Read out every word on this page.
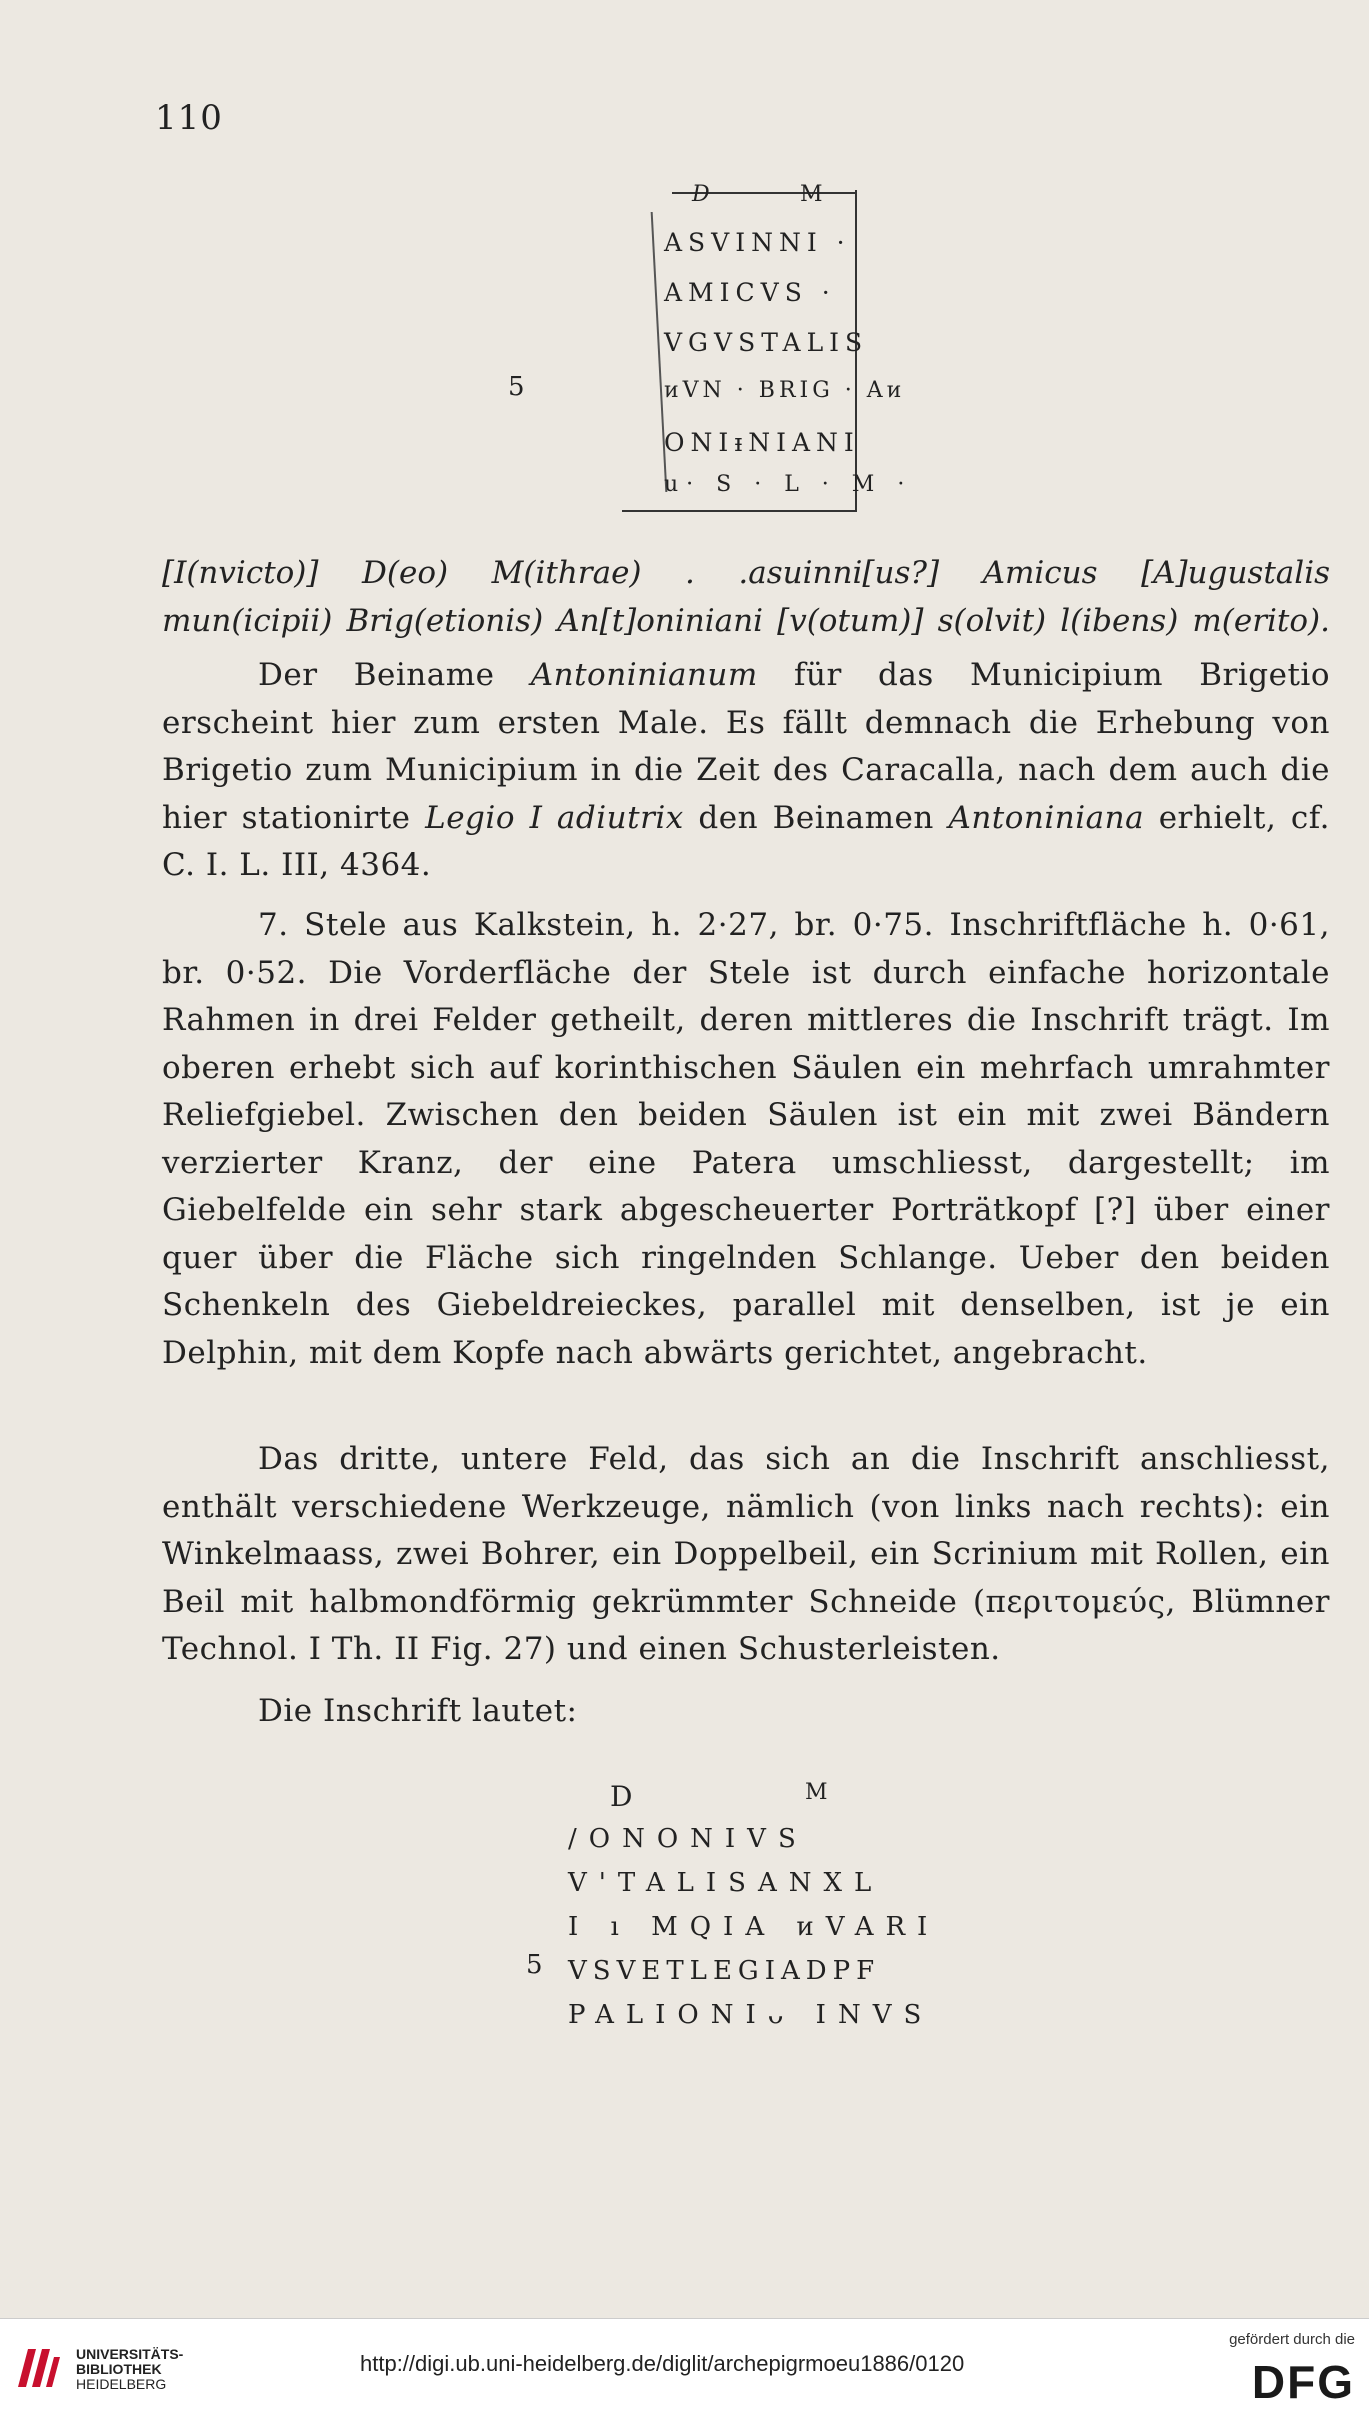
110
D	M
ASVINNI ·
AMICVS ·
VGVSTALIS
ᴎVN · BRIG · Aᴎ
ONIᵻNIANI
u· S · L · M ·
5

[I(nvicto)] D(eo) M(ithrae) . .asuinni[us?] Amicus [A]ugustalis

mun(icipii) Brig(etionis) An[t]oniniani [v(otum)] s(olvit) l(ibens) m(erito).

Der Beiname Antoninianum für das Municipium Brigetio erscheint hier zum ersten Male. Es fällt demnach die Erhebung von Brigetio zum Municipium in die Zeit des Caracalla, nach dem auch die hier stationirte Legio I adiutrix den Beinamen Antoniniana erhielt, cf. C. I. L. III, 4364.

7. Stele aus Kalkstein, h. 2·27, br. 0·75. Inschriftfläche h. 0·61, br. 0·52. Die Vorderfläche der Stele ist durch einfache horizontale Rahmen in drei Felder getheilt, deren mittleres die Inschrift trägt. Im oberen erhebt sich auf korinthischen Säulen ein mehrfach umrahmter Reliefgiebel. Zwischen den beiden Säulen ist ein mit zwei Bändern verzierter Kranz, der eine Patera umschliesst, dargestellt; im Giebelfelde ein sehr stark abgescheuerter Porträtkopf [?] über einer quer über die Fläche sich ringelnden Schlange. Ueber den beiden Schenkeln des Giebeldreieckes, parallel mit denselben, ist je ein Delphin, mit dem Kopfe nach abwärts gerichtet, angebracht.

Das dritte, untere Feld, das sich an die Inschrift anschliesst, enthält verschiedene Werkzeuge, nämlich (von links nach rechts): ein Winkelmaass, zwei Bohrer, ein Doppelbeil, ein Scrinium mit Rollen, ein Beil mit halbmondförmig gekrümmter Schneide (περιτομεύς, Blümner Technol. I Th. II Fig. 27) und einen Schusterleisten.

Die Inschrift lautet:

D	M
/ONONIVS
V'TALISANXL
I ı MQIA ᴎVARI
VSVETLEGIADPF
PALIONIᴗ INVS
5
UNIVERSITÄTS-
BIBLIOTHEK
HEIDELBERG
http://digi.ub.uni-heidelberg.de/diglit/archepigrmoeu1886/0120
gefördert durch die
DFG
